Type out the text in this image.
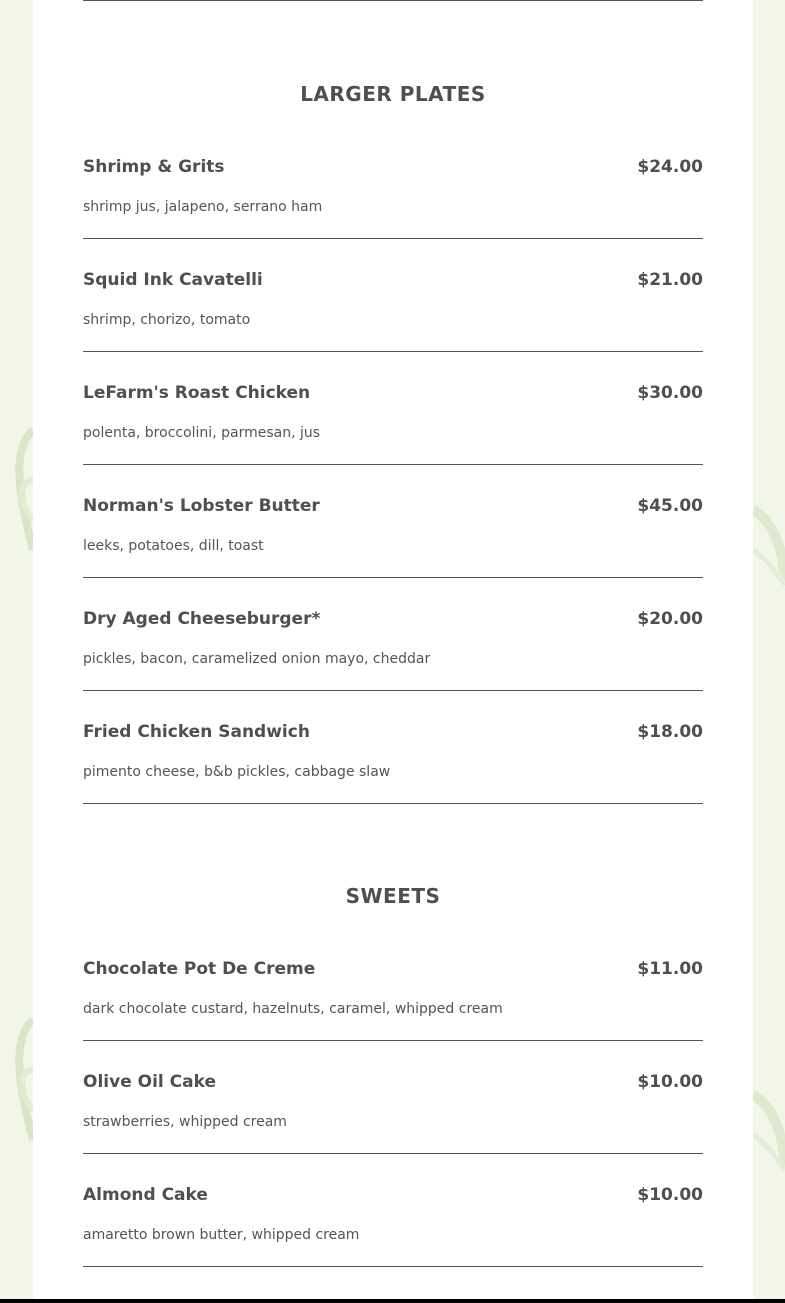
LARGER PLATES
Shrimp & Grits	$24.00
shrimp jus, jalapeno, serrano ham
Squid Ink Cavatelli	$21.00
shrimp, chorizo, tomato
LeFarm's Roast Chicken	$30.00
polenta, broccolini, parmesan, jus
Norman's Lobster Butter	$45.00
leeks, potatoes, dill, toast
Dry Aged Cheeseburger*	$20.00
pickles, bacon, caramelized onion mayo, cheddar
Fried Chicken Sandwich	$18.00
pimento cheese, b&b pickles, cabbage slaw
SWEETS
Chocolate Pot De Creme	$11.00
dark chocolate custard, hazelnuts, caramel, whipped cream
Olive Oil Cake	$10.00
strawberries, whipped cream
Almond Cake	$10.00
amaretto brown butter, whipped cream
